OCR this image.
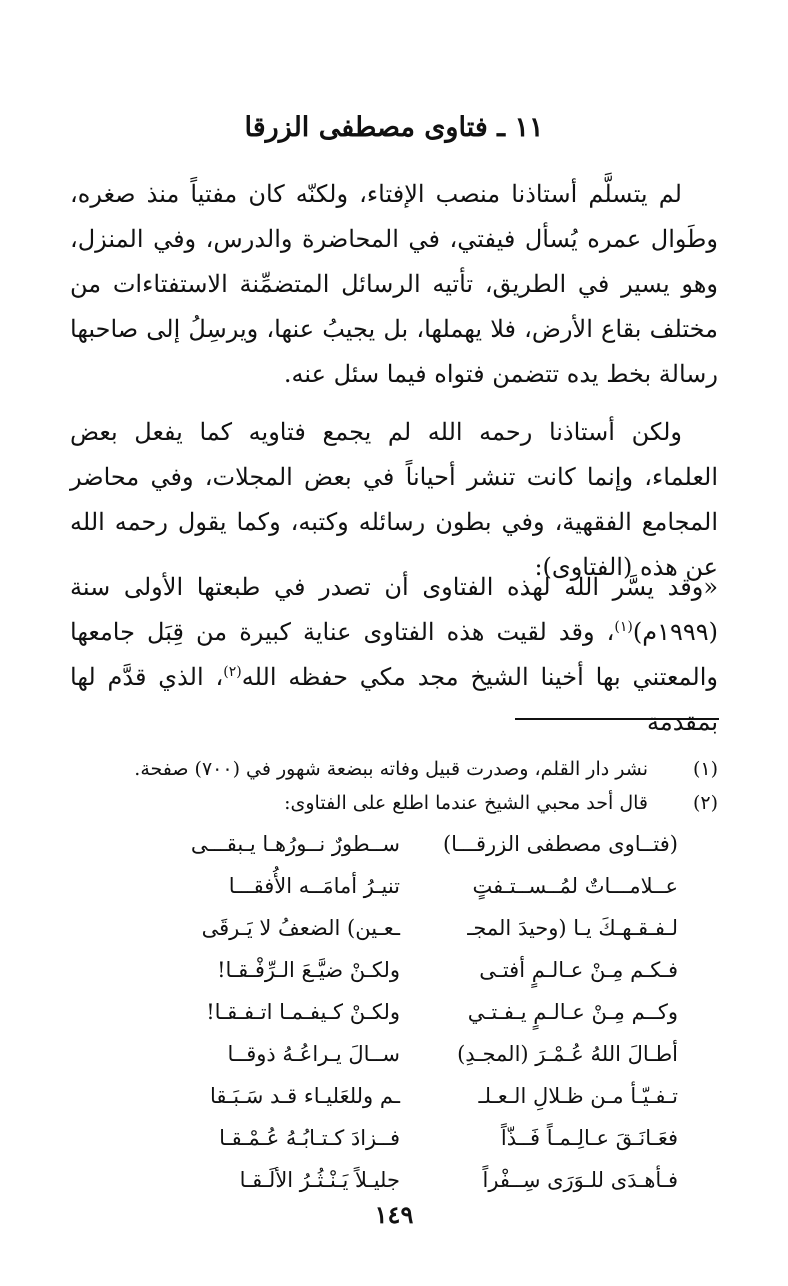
١١ ـ فتاوى مصطفى الزرقا
لم يتسلَّم أستاذنا منصب الإفتاء، ولكنّه كان مفتياً منذ صغره، وطَوال عمره يُسأل فيفتي، في المحاضرة والدرس، وفي المنزل، وهو يسير في الطريق، تأتيه الرسائل المتضمِّنة الاستفتاءات من مختلف بقاع الأرض، فلا يهملها، بل يجيبُ عنها، ويرسِلُ إلى صاحبها رسالة بخط يده تتضمن فتواه فيما سئل عنه.
ولكن أستاذنا رحمه الله لم يجمع فتاويه كما يفعل بعض العلماء، وإنما كانت تنشر أحياناً في بعض المجلات، وفي محاضر المجامع الفقهية، وفي بطون رسائله وكتبه، وكما يقول رحمه الله عن هذه (الفتاوى):
«وقد يسَّر الله لهذه الفتاوى أن تصدر في طبعتها الأولى سنة (١٩٩٩م)$^{(١)}$، وقد لقيت هذه الفتاوى عناية كبيرة من قِبَل جامعها والمعتني بها أخينا الشيخ مجد مكي حفظه الله$^{(٢)}$، الذي قدَّم لها بمقدمة
(١)
نشر دار القلم، وصدرت قبيل وفاته ببضعة شهور في (٧٠٠) صفحة.
(٢)
قال أحد محبي الشيخ عندما اطلع على الفتاوى:
(فتــاوى مصطفى الزرقـــا)
ســطورٌ نــورُهـا يـبقـــى
عــلامـــاتٌ لمُــســتـفتٍ
تنيـرُ أمامَــه الأُفقـــا
لـفـقـهـكَ يـا (وحيدَ المجـ
ـعـين) الضعفُ لا يَـرقَى
فـكـم مِـنْ عـالـمٍ أفتـى
ولكـنْ ضيَّـعَ الـرِّفْـقـا!
وكــم مِـنْ عـالـمٍ يـفـتـي
ولكـنْ كـيفـمـا اتـفـقـا!
أطـالَ اللهُ عُـمْـرَ (المجـدِ)
ســالَ يـراعُـهُ ذوقــا
تـفـيّـأ مـن ظـلالِ الـعـلـ
ـم وللعَليـاء قـد سَـبَـقا
فعَـانَـقَ عـالِـمـاً فَــذّاً
فــزادَ كـتـابُـهُ عُـمْـقـا
فـأهـدَى للـوَرَى سِــفْراً
جليـلاً يَـنْـثُـرُ الألَـقـا
١٤٩
